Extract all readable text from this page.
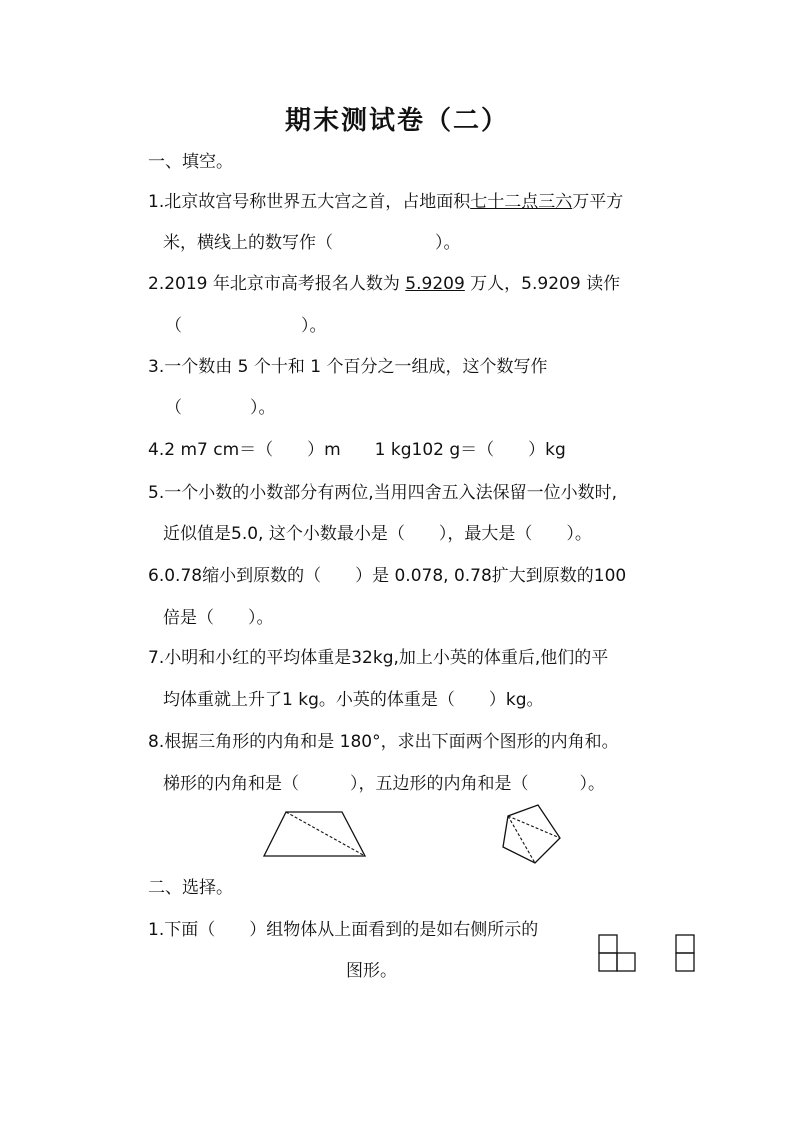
期末测试卷（二）
一、填空。
1.北京故宫号称世界五大宫之首，占地面积七十二点三六万平方
米，横线上的数写作（　　　　　　）。
2.2019 年北京市高考报名人数为 5.9209 万人，5.9209 读作
（　　　　　　　）。
3.一个数由 5 个十和 1 个百分之一组成，这个数写作
（　　　　）。
4.2 m7 cm＝（　　）m　　1 kg102 g＝（　　）kg
5.一个小数的小数部分有两位,当用四舍五入法保留一位小数时,
近似值是5.0, 这个小数最小是（　　），最大是（　　）。
6.0.78缩小到原数的（　　）是 0.078, 0.78扩大到原数的100
倍是（　　）。
7.小明和小红的平均体重是32kg,加上小英的体重后,他们的平
均体重就上升了1 kg。小英的体重是（　　）kg。
8.根据三角形的内角和是 180°，求出下面两个图形的内角和。
梯形的内角和是（　　　），五边形的内角和是（　　　）。
二、选择。
1.下面（　　）组物体从上面看到的是如右侧所示的
图形。
